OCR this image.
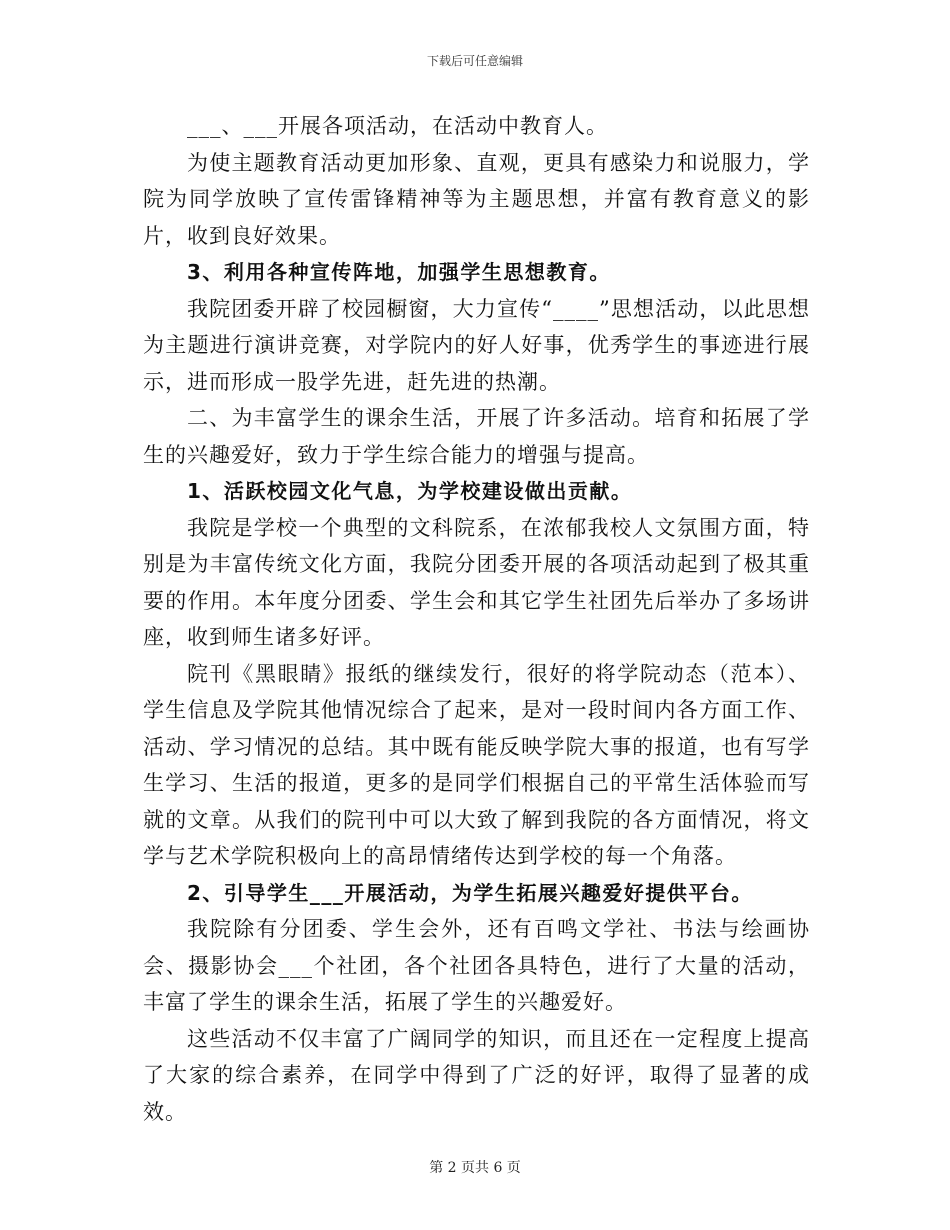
下载后可任意编辑

___、___开展各项活动，在活动中教育人。

为使主题教育活动更加形象、直观，更具有感染力和说服力，学院为同学放映了宣传雷锋精神等为主题思想，并富有教育意义的影片，收到良好效果。

3、利用各种宣传阵地，加强学生思想教育。

我院团委开辟了校园橱窗，大力宣传“____”思想活动，以此思想为主题进行演讲竞赛，对学院内的好人好事，优秀学生的事迹进行展示，进而形成一股学先进，赶先进的热潮。

二、为丰富学生的课余生活，开展了许多活动。培育和拓展了学生的兴趣爱好，致力于学生综合能力的增强与提高。

1、活跃校园文化气息，为学校建设做出贡献。

我院是学校一个典型的文科院系，在浓郁我校人文氛围方面，特别是为丰富传统文化方面，我院分团委开展的各项活动起到了极其重要的作用。本年度分团委、学生会和其它学生社团先后举办了多场讲座，收到师生诸多好评。

院刊《黑眼睛》报纸的继续发行，很好的将学院动态（范本）、学生信息及学院其他情况综合了起来，是对一段时间内各方面工作、活动、学习情况的总结。其中既有能反映学院大事的报道，也有写学生学习、生活的报道，更多的是同学们根据自己的平常生活体验而写就的文章。从我们的院刊中可以大致了解到我院的各方面情况，将文学与艺术学院积极向上的高昂情绪传达到学校的每一个角落。

2、引导学生___开展活动，为学生拓展兴趣爱好提供平台。

我院除有分团委、学生会外，还有百鸣文学社、书法与绘画协会、摄影协会___个社团，各个社团各具特色，进行了大量的活动，丰富了学生的课余生活，拓展了学生的兴趣爱好。

这些活动不仅丰富了广阔同学的知识，而且还在一定程度上提高了大家的综合素养，在同学中得到了广泛的好评，取得了显著的成效。

第 2 页共 6 页
